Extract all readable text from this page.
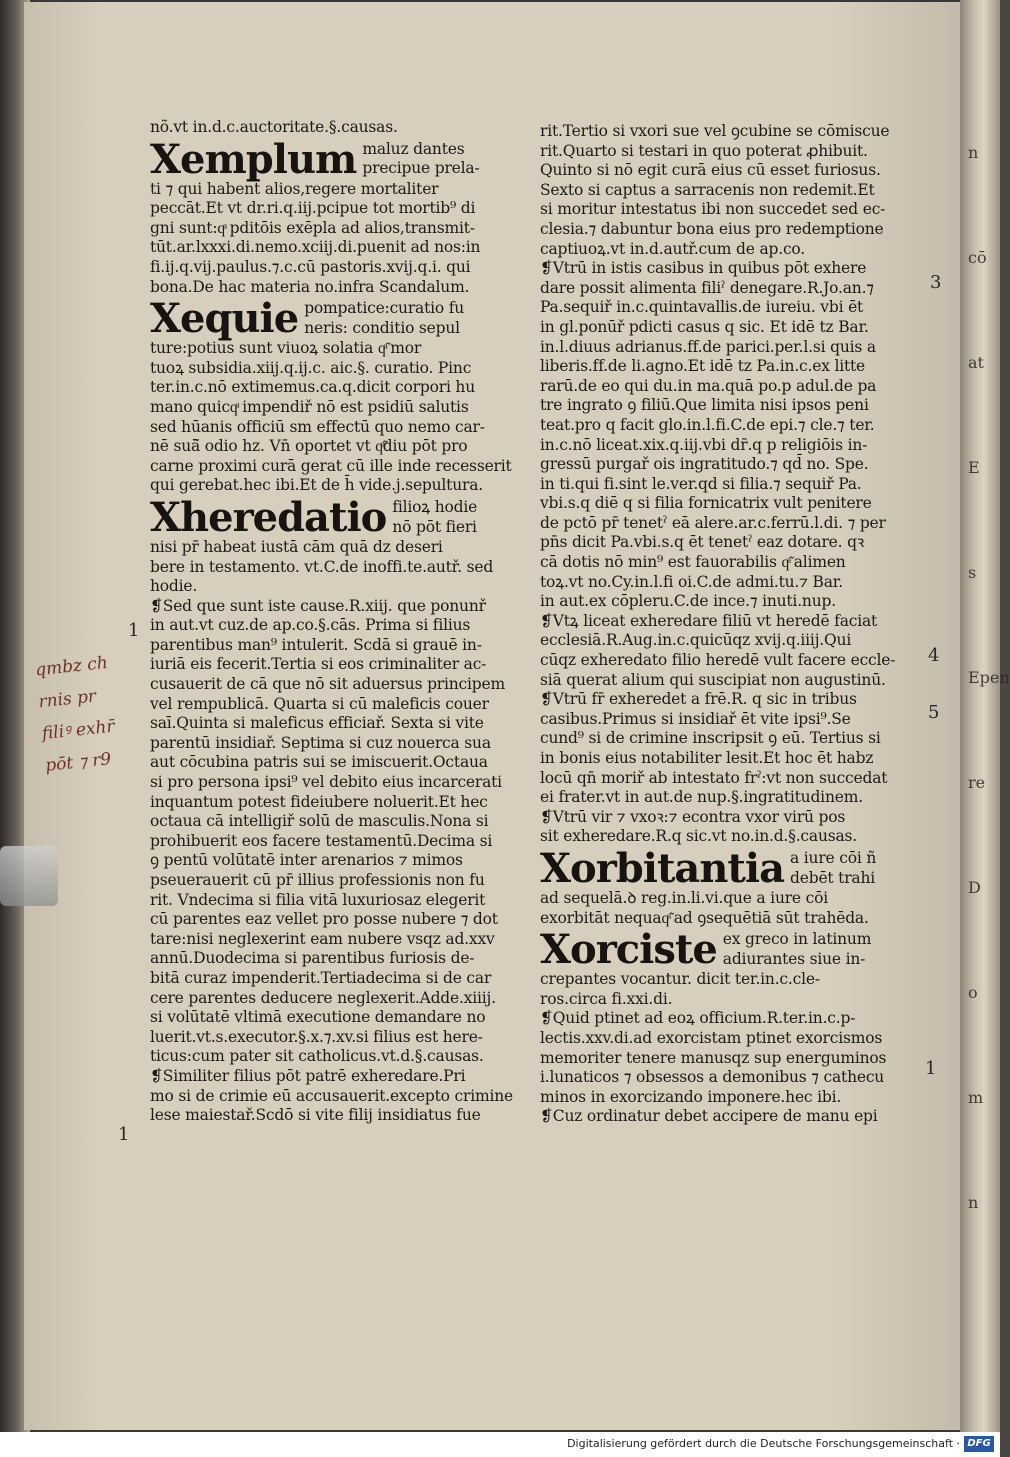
n
cō
at
E
s
Epen
re
D
o
m
n
nõ.vt in.d.c.auctoritate.§.causas.
Xemplum maluz dantes
precipue prela-
ti ⁊ qui habent alios,regere mortaliter
peccāt.Et vt dr.ri.q.iij.pcipue tot mortib⁹ di
gni sunt:qͣ pditōis exēpla ad alios,transmit-
tūt.ar.lxxxi.di.nemo.xciij.di.puenit ad nos:in
fi.ij.q.vij.paulus.⁊.c.cū pastoris.xvij.q.i. qui
bona.De hac materia no.infra Scandalum.
Xequie pompatice:curatio fu
neris: conditio sepul
ture:potius sunt viuoꝝ solatia qͣ̃ mor
tuoꝝ subsidia.xiij.q.ij.c. aic.§. curatio. Pinc
ter.in.c.nō extimemus.ca.q.dicit corpori hu
mano quicqͣ impendiř nō est psidiū salutis
sed hūanis officiū sm effectū quo nemo car-
nē suā̃ odio hz. Vn̄ oportet vt qͣ̃diu pōt pro
carne proximi curā gerat cū ille inde recesserit
qui gerebat.hec ibi.Et de h̄ vide.j.sepultura.
Xheredatio filioꝝ hodie
nō pōt fieri
nisi pr̄ habeat iustā cām quā dz deseri
bere in testamento. vt.C.de inoffi.te.autř. sed
hodie.
❡Sed que sunt iste cause.R.xiij. que ponunř
in aut.vt cuz.de ap.co.§.cās. Prima si filius
parentibus man⁹ intulerit. Scdā si grauē in-
iuriā eis fecerit.Tertia si eos criminaliter ac-
cusauerit de cā que nō sit aduersus principem
vel rempublicā. Quarta si cū maleficis couer
saī.Quinta si maleficus efficiař. Sexta si vite
parentū insidiař. Septima si cuz nouerca sua
aut cōcubina patris sui se imiscuerit.Octaua
si pro persona ipsi⁹ vel debito eius incarcerati
inquantum potest fideiubere noluerit.Et hec
octaua cā intelligiř solū de masculis.Nona si
prohibuerit eos facere testamentū.Decima si
ꝯ pentū volūtatē inter arenarios ⁊ mimos
pseuerauerit cū pr̄ illius professionis non fu
rit. Vndecima si filia vitā luxuriosaz elegerit
cū parentes eaz vellet pro posse nubere ⁊ dot
tare:nisi neglexerint eam nubere vsqz ad.xxv
annū.Duodecima si parentibus furiosis de-
bitā curaz impenderit.Tertiadecima si de car
cere parentes deducere neglexerit.Adde.xiiij.
si volūtatē vltimā executione demandare no
luerit.vt.s.executor.§.x.⁊.xv.si filius est here-
ticus:cum pater sit catholicus.vt.d.§.causas.
❡Similiter filius pōt patrē exheredare.Pri
mo si de crimie eū accusauerit.excepto crimine
lese maiestař.Scdō si vite filij insidiatus fue
rit.Tertio si vxori sue vel ꝯcubine se cōmiscue
rit.Quarto si testari in quo poterat ꝓhibuit.
Quinto si nō egit curā eius cū esset furiosus.
Sexto si captus a sarracenis non redemit.Et
si moritur intestatus ibi non succedet sed ec-
clesia.⁊ dabuntur bona eius pro redemptione
captiuoꝝ.vt in.d.autř.cum de ap.co.
❡Vtrū in istis casibus in quibus pōt exhere
dare possit alimenta filiˀ denegare.R.Jo.an.⁊
Pa.sequiř in.c.quintavallis.de iureiu. vbi ēt
in gl.ponūř pdicti casus q sic. Et idē tz Bar.
in.l.diuus adrianus.ff.de parici.per.l.si quis a
liberis.ff.de li.agno.Et idē tz Pa.in.c.ex litte
rarū.de eo qui du.in ma.quā po.p adul.de pa
tre ingrato ꝯ filiū.Que limita nisi ipsos peni
teat.pro q facit glo.in.l.fi.C.de epi.⁊ cle.⁊ ter.
in.c.nō liceat.xix.q.iij.vbi dr̄.q p religiōis in-
gressū purgař ois ingratitudo.⁊ qd̄ no. Spe.
in ti.qui fi.sint le.ver.qd si filia.⁊ sequiř Pa.
vbi.s.q diē q si filia fornicatrix vult penitere
de pctō pr̄ tenetˀ eā alere.ar.c.ferrū.l.di. ⁊ per
pn̄s dicit Pa.vbi.s.q ēt tenetˀ eaz dotare. qꝛ
cā dotis nō min⁹ est fauorabilis qͣ̃ alimen
toꝝ.vt no.Cy.in.l.fi oi.C.de admi.tu.⁊ Bar.
in aut.ex cōpleru.C.de ince.⁊ inuti.nup.
❡Vtꝝ liceat exheredare filiū vt heredē faciat
ecclesiā.R.Aug.in.c.quicūqz xvij.q.iiij.Qui
cūqz exheredato filio heredē vult facere eccle-
siā querat alium qui suscipiat non augustinū.
❡Vtrū fr̄ exheredet a frē.R. q sic in tribus
casibus.Primus si insidiař ēt vite ipsi⁹.Se
cund⁹ si de crimine inscripsit ꝯ eū. Tertius si
in bonis eius notabiliter lesit.Et hoc ēt habz
locū qn̄ moriř ab intestato frˀ:vt non succedat
ei frater.vt in aut.de nup.§.ingratitudinem.
❡Vtrū vir ⁊ vxoꝛ:⁊ econtra vxor virū pos
sit exheredare.R.q sic.vt no.in.d.§.causas.
Xorbitantia a iure cōi ñ
debēt trahi
ad sequelā.ꝺ reg.in.li.vi.que a iure cōi
exorbitāt nequaqͣ̃ ad ꝯsequētiā sūt trahēda.
Xorciste ex greco in latinum
adiurantes siue in-
crepantes vocantur. dicit ter.in.c.cle-
ros.circa fi.xxi.di.
❡Quid ptinet ad eoꝝ officium.R.ter.in.c.p-
lectis.xxv.di.ad exorcistam ptinet exorcismos
memoriter tenere manusqz sup energuminos
i.lunaticos ⁊ obsessos a demonibus ⁊ cathecu
minos in exorcizando imponere.hec ibi.
❡Cuz ordinatur debet accipere de manu epi
1
3
4
5
1
1
qmbz ch
rnis pr
filiꝰ exhr̄
pōt ⁊ r9
Digitalisierung gefördert durch die Deutsche Forschungsgemeinschaft · DFG
